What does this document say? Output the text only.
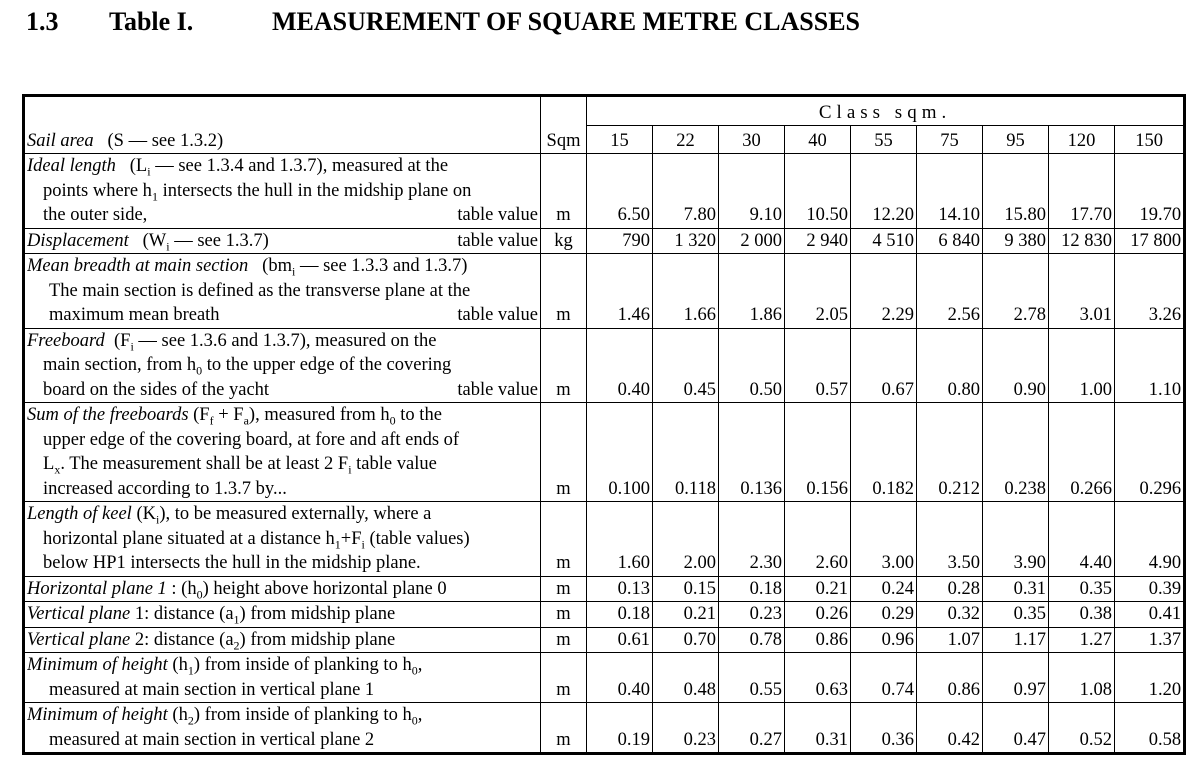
1.3 Table I.	MEASUREMENT OF SQUARE METRE CLASSES
Sail area (S — see 1.3.2)	Sqm	Class sqm.								
		15	22	30	40	55	75	95	120	150

Ideal length ($L_i$ — see 1.3.4 and 1.3.7), measured at the
points where $h_1$ intersects the hull in the midship plane on
the outer side, table value	m	6.50	7.80	9.10	10.50	12.20	14.10	15.80	17.70	19.70

Displacement ($W_i$ — see 1.3.7) table value	kg	790	1 320	2 000	2 940	4 510	6 840	9 380	12 830	17 800

Mean breadth at main section ($bm_i$ — see 1.3.3 and 1.3.7)
The main section is defined as the transverse plane at the
maximum mean breath table value	m	1.46	1.66	1.86	2.05	2.29	2.56	2.78	3.01	3.26

Freeboard ($F_i$ — see 1.3.6 and 1.3.7), measured on the
main section, from $h_0$ to the upper edge of the covering
board on the sides of the yacht table value	m	0.40	0.45	0.50	0.57	0.67	0.80	0.90	1.00	1.10

Sum of the freeboards $(F_f + F_a)$, measured from $h_0$ to the
upper edge of the covering board, at fore and aft ends of
$L_x$. The measurement shall be at least 2 $F_i$ table value
increased according to 1.3.7 by...	m	0.100	0.118	0.136	0.156	0.182	0.212	0.238	0.266	0.296

Length of keel $(K_i)$, to be measured externally, where a
horizontal plane situated at a distance $h_1+F_i$ (table values)
below HP1 intersects the hull in the midship plane.	m	1.60	2.00	2.30	2.60	3.00	3.50	3.90	4.40	4.90
Horizontal plane 1 : $(h_0)$ height above horizontal plane 0	m	0.13	0.15	0.18	0.21	0.24	0.28	0.31	0.35	0.39
Vertical plane 1: distance $(a_1)$ from midship plane	m	0.18	0.21	0.23	0.26	0.29	0.32	0.35	0.38	0.41
Vertical plane 2: distance $(a_2)$ from midship plane	m	0.61	0.70	0.78	0.86	0.96	1.07	1.17	1.27	1.37

Minimum of height $(h_1)$ from inside of planking to $h_0$,
measured at main section in vertical plane 1	m	0.40	0.48	0.55	0.63	0.74	0.86	0.97	1.08	1.20

Minimum of height $(h_2)$ from inside of planking to $h_0$,
measured at main section in vertical plane 2	m	0.19	0.23	0.27	0.31	0.36	0.42	0.47	0.52	0.58
